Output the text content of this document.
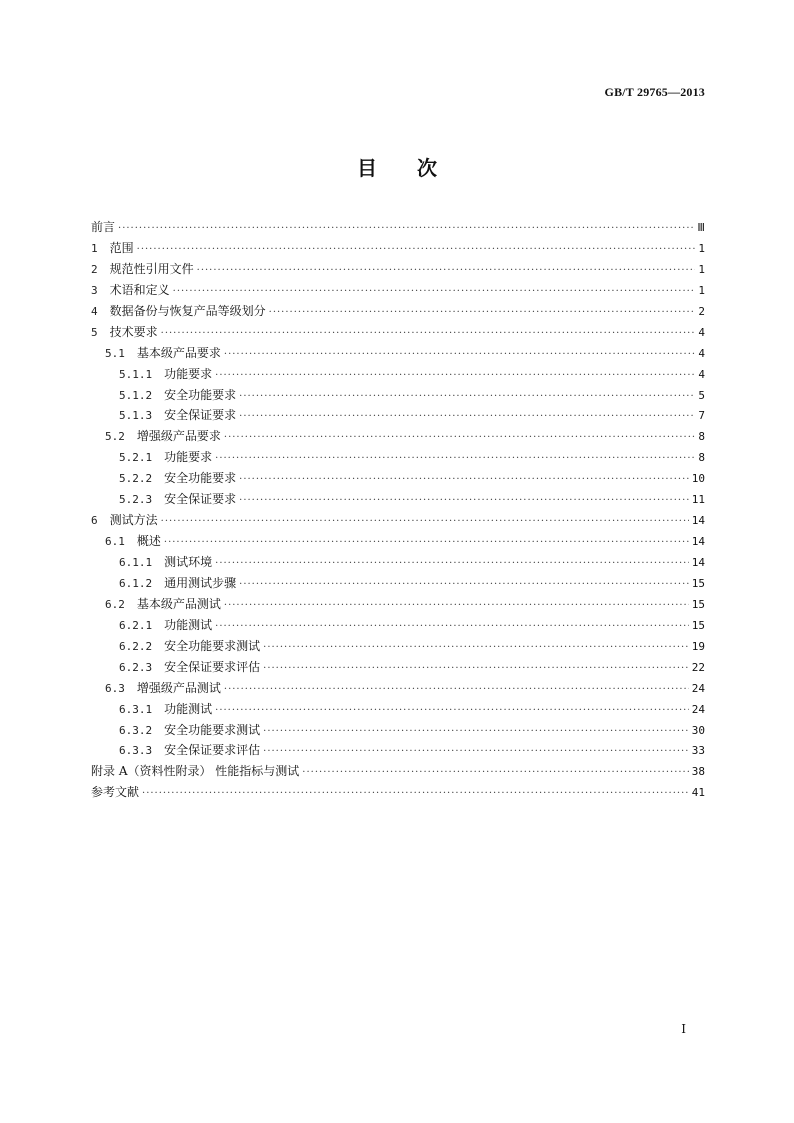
GB/T 29765—2013
目 次
前言 ·····	Ⅲ
1 范围 ·····	1
2 规范性引用文件 ·····	1
3 术语和定义 ·····	1
4 数据备份与恢复产品等级划分 ·····	2
5 技术要求 ·····	4
5.1 基本级产品要求 ·····	4
5.1.1 功能要求 ·····	4
5.1.2 安全功能要求 ·····	5
5.1.3 安全保证要求 ·····	7
5.2 增强级产品要求 ·····	8
5.2.1 功能要求 ·····	8
5.2.2 安全功能要求 ·····	10
5.2.3 安全保证要求 ·····	11
6 测试方法 ·····	14
6.1 概述 ·····	14
6.1.1 测试环境 ·····	14
6.1.2 通用测试步骤 ·····	15
6.2 基本级产品测试 ·····	15
6.2.1 功能测试 ·····	15
6.2.2 安全功能要求测试 ·····	19
6.2.3 安全保证要求评估 ·····	22
6.3 增强级产品测试 ·····	24
6.3.1 功能测试 ·····	24
6.3.2 安全功能要求测试 ·····	30
6.3.3 安全保证要求评估 ·····	33
附录 A（资料性附录） 性能指标与测试 ·····	38
参考文献 ·····	41
I
